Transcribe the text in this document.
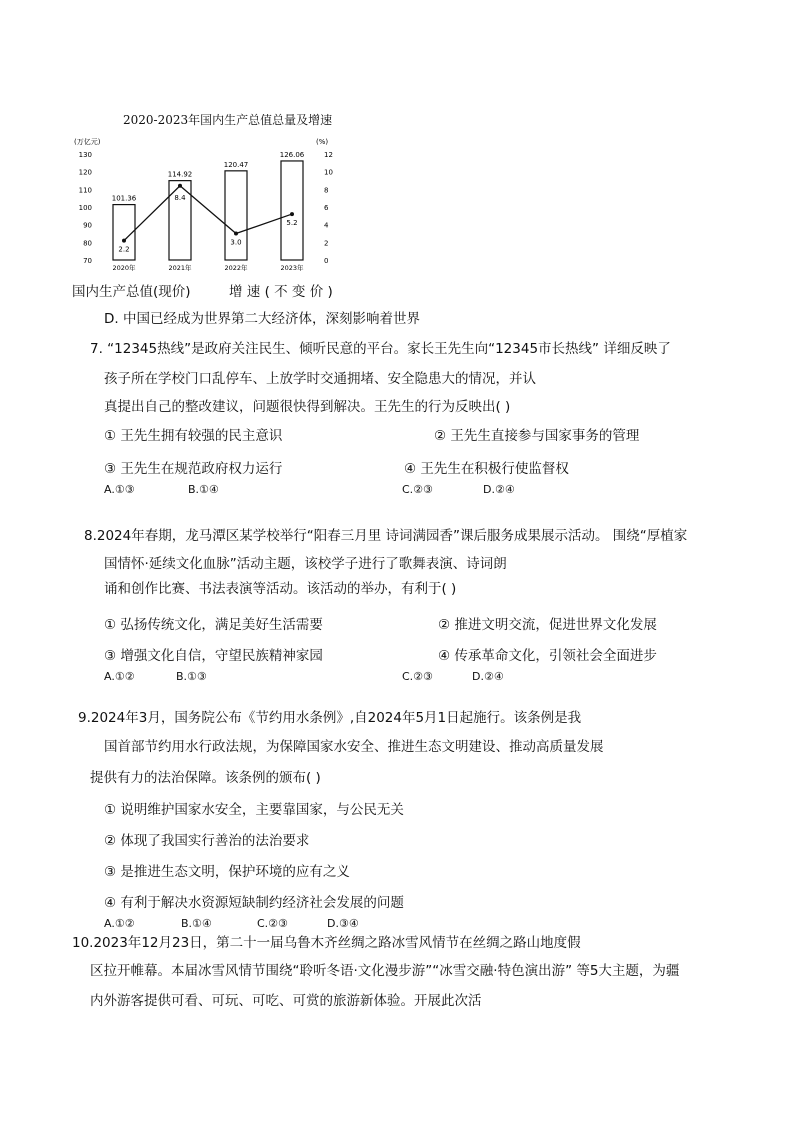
2020-2023年国内生产总值总量及增速
(万亿元)	(%)
70
80
90
100
110
120
130
0
2
4
6
8
10
12
101.36
2020年
114.92
2021年
120.47
2022年
126.06
2023年
2.2
8.4
3.0
5.2
国内生产总值(现价)	增 速 ( 不 变 价 )
D. 中国已经成为世界第二大经济体，深刻影响着世界
7. “12345热线”是政府关注民生、倾听民意的平台。家长王先生向“12345市长热线” 详细反映了
孩子所在学校门口乱停车、上放学时交通拥堵、安全隐患大的情况，并认
真提出自己的整改建议，问题很快得到解决。王先生的行为反映出( )
① 王先生拥有较强的民主意识	② 王先生直接参与国家事务的管理
③ 王先生在规范政府权力运行	④ 王先生在积极行使监督权
A.①③	B.①④	C.②③	D.②④
8.2024年春期，龙马潭区某学校举行“阳春三月里 诗词满园香”课后服务成果展示活动。 围绕“厚植家
国情怀·延续文化血脉”活动主题，该校学子进行了歌舞表演、诗词朗
诵和创作比赛、书法表演等活动。该活动的举办，有利于( )
① 弘扬传统文化，满足美好生活需要	② 推进文明交流，促进世界文化发展
③ 增强文化自信，守望民族精神家园	④ 传承革命文化，引领社会全面进步
A.①②	B.①③	C.②③	D.②④
9.2024年3月，国务院公布《节约用水条例》,自2024年5月1日起施行。该条例是我
国首部节约用水行政法规，为保障国家水安全、推进生态文明建设、推动高质量发展
提供有力的法治保障。该条例的颁布( )
① 说明维护国家水安全，主要靠国家，与公民无关
② 体现了我国实行善治的法治要求
③ 是推进生态文明，保护环境的应有之义
④ 有利于解决水资源短缺制约经济社会发展的问题
A.①②	B.①④	C.②③	D.③④
10.2023年12月23日，第二十一届乌鲁木齐丝绸之路冰雪风情节在丝绸之路山地度假
区拉开帷幕。本届冰雪风情节围绕“聆听冬语·文化漫步游”“冰雪交融·特色演出游” 等5大主题，为疆
内外游客提供可看、可玩、可吃、可赏的旅游新体验。开展此次活
